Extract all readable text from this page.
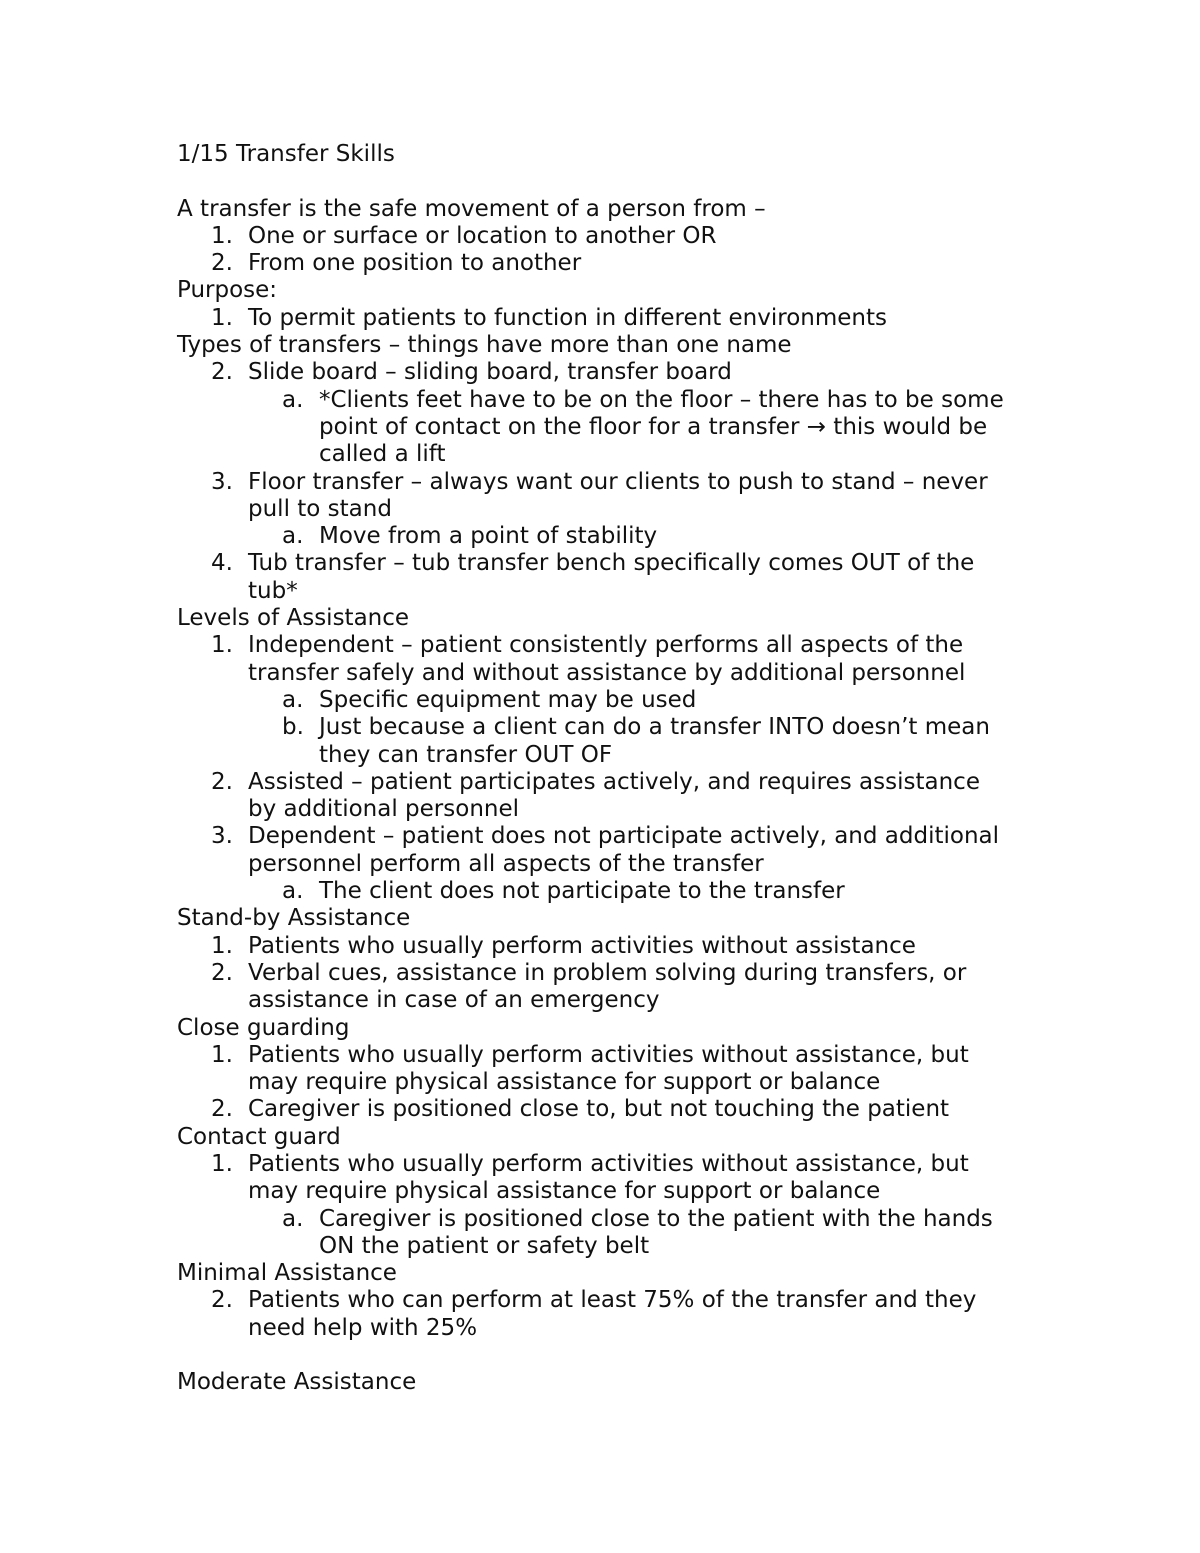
1/15 Transfer Skills
A transfer is the safe movement of a person from –
1. One or surface or location to another OR
2. From one position to another
Purpose:
1. To permit patients to function in different environments
Types of transfers – things have more than one name
2. Slide board – sliding board, transfer board
a. *Clients feet have to be on the floor – there has to be some
point of contact on the floor for a transfer → this would be
called a lift
3. Floor transfer – always want our clients to push to stand – never
pull to stand
a. Move from a point of stability
4. Tub transfer – tub transfer bench specifically comes OUT of the
tub*
Levels of Assistance
1. Independent – patient consistently performs all aspects of the
transfer safely and without assistance by additional personnel
a. Specific equipment may be used
b. Just because a client can do a transfer INTO doesn’t mean
they can transfer OUT OF
2. Assisted – patient participates actively, and requires assistance
by additional personnel
3. Dependent – patient does not participate actively, and additional
personnel perform all aspects of the transfer
a. The client does not participate to the transfer
Stand-by Assistance
1. Patients who usually perform activities without assistance
2. Verbal cues, assistance in problem solving during transfers, or
assistance in case of an emergency
Close guarding
1. Patients who usually perform activities without assistance, but
may require physical assistance for support or balance
2. Caregiver is positioned close to, but not touching the patient
Contact guard
1. Patients who usually perform activities without assistance, but
may require physical assistance for support or balance
a. Caregiver is positioned close to the patient with the hands
ON the patient or safety belt
Minimal Assistance
2. Patients who can perform at least 75% of the transfer and they
need help with 25%
Moderate Assistance
